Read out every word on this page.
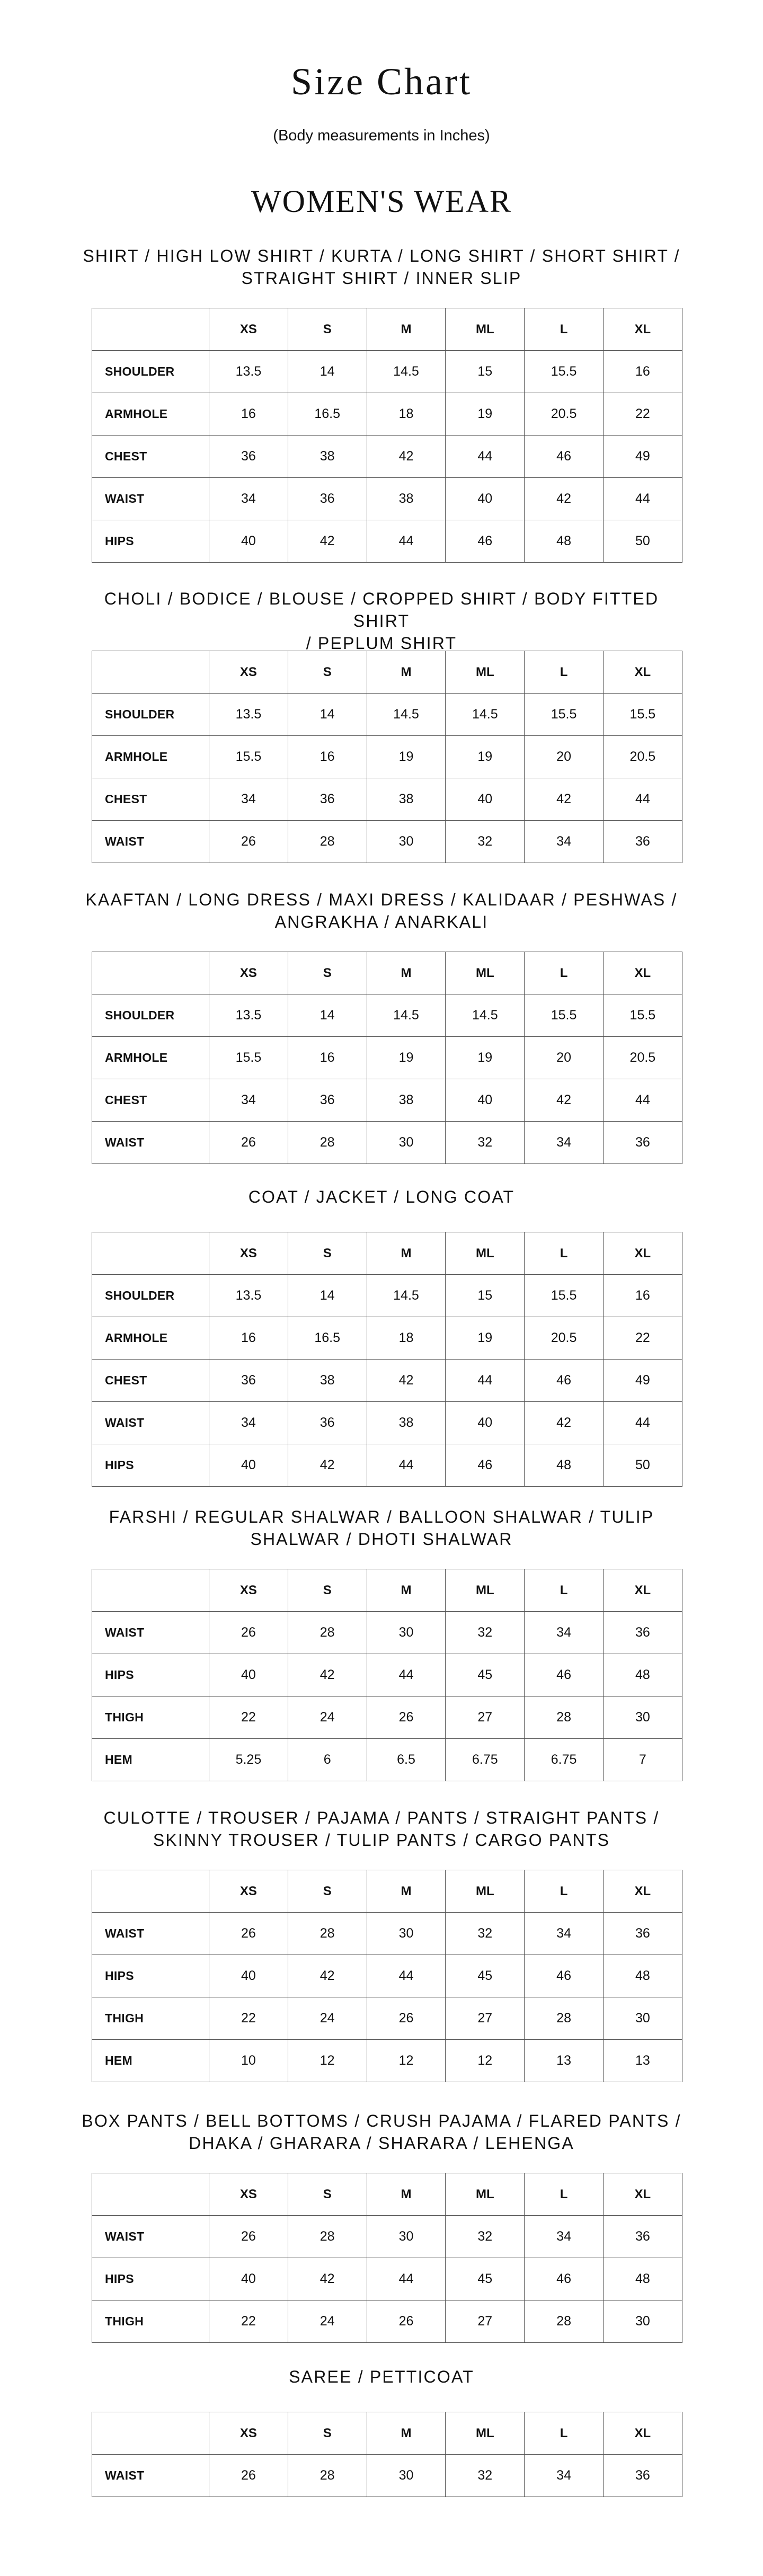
Size Chart
(Body measurements in Inches)
WOMEN'S WEAR
SHIRT / HIGH LOW SHIRT / KURTA / LONG SHIRT / SHORT SHIRT /
STRAIGHT SHIRT / INNER SLIP
	XS	S	M	ML	L	XL
SHOULDER	13.5	14	14.5	15	15.5	16
ARMHOLE	16	16.5	18	19	20.5	22
CHEST	36	38	42	44	46	49
WAIST	34	36	38	40	42	44
HIPS	40	42	44	46	48	50
CHOLI / BODICE / BLOUSE / CROPPED SHIRT / BODY FITTED SHIRT
/ PEPLUM SHIRT
	XS	S	M	ML	L	XL
SHOULDER	13.5	14	14.5	14.5	15.5	15.5
ARMHOLE	15.5	16	19	19	20	20.5
CHEST	34	36	38	40	42	44
WAIST	26	28	30	32	34	36
KAAFTAN / LONG DRESS / MAXI DRESS / KALIDAAR / PESHWAS /
ANGRAKHA / ANARKALI
	XS	S	M	ML	L	XL
SHOULDER	13.5	14	14.5	14.5	15.5	15.5
ARMHOLE	15.5	16	19	19	20	20.5
CHEST	34	36	38	40	42	44
WAIST	26	28	30	32	34	36
COAT / JACKET / LONG COAT
	XS	S	M	ML	L	XL
SHOULDER	13.5	14	14.5	15	15.5	16
ARMHOLE	16	16.5	18	19	20.5	22
CHEST	36	38	42	44	46	49
WAIST	34	36	38	40	42	44
HIPS	40	42	44	46	48	50
FARSHI / REGULAR SHALWAR / BALLOON SHALWAR / TULIP
SHALWAR / DHOTI SHALWAR
	XS	S	M	ML	L	XL
WAIST	26	28	30	32	34	36
HIPS	40	42	44	45	46	48
THIGH	22	24	26	27	28	30
HEM	5.25	6	6.5	6.75	6.75	7
CULOTTE / TROUSER / PAJAMA / PANTS / STRAIGHT PANTS /
SKINNY TROUSER / TULIP PANTS / CARGO PANTS
	XS	S	M	ML	L	XL
WAIST	26	28	30	32	34	36
HIPS	40	42	44	45	46	48
THIGH	22	24	26	27	28	30
HEM	10	12	12	12	13	13
BOX PANTS / BELL BOTTOMS / CRUSH PAJAMA / FLARED PANTS /
DHAKA / GHARARA / SHARARA / LEHENGA
	XS	S	M	ML	L	XL
WAIST	26	28	30	32	34	36
HIPS	40	42	44	45	46	48
THIGH	22	24	26	27	28	30
SAREE / PETTICOAT
	XS	S	M	ML	L	XL
WAIST	26	28	30	32	34	36
